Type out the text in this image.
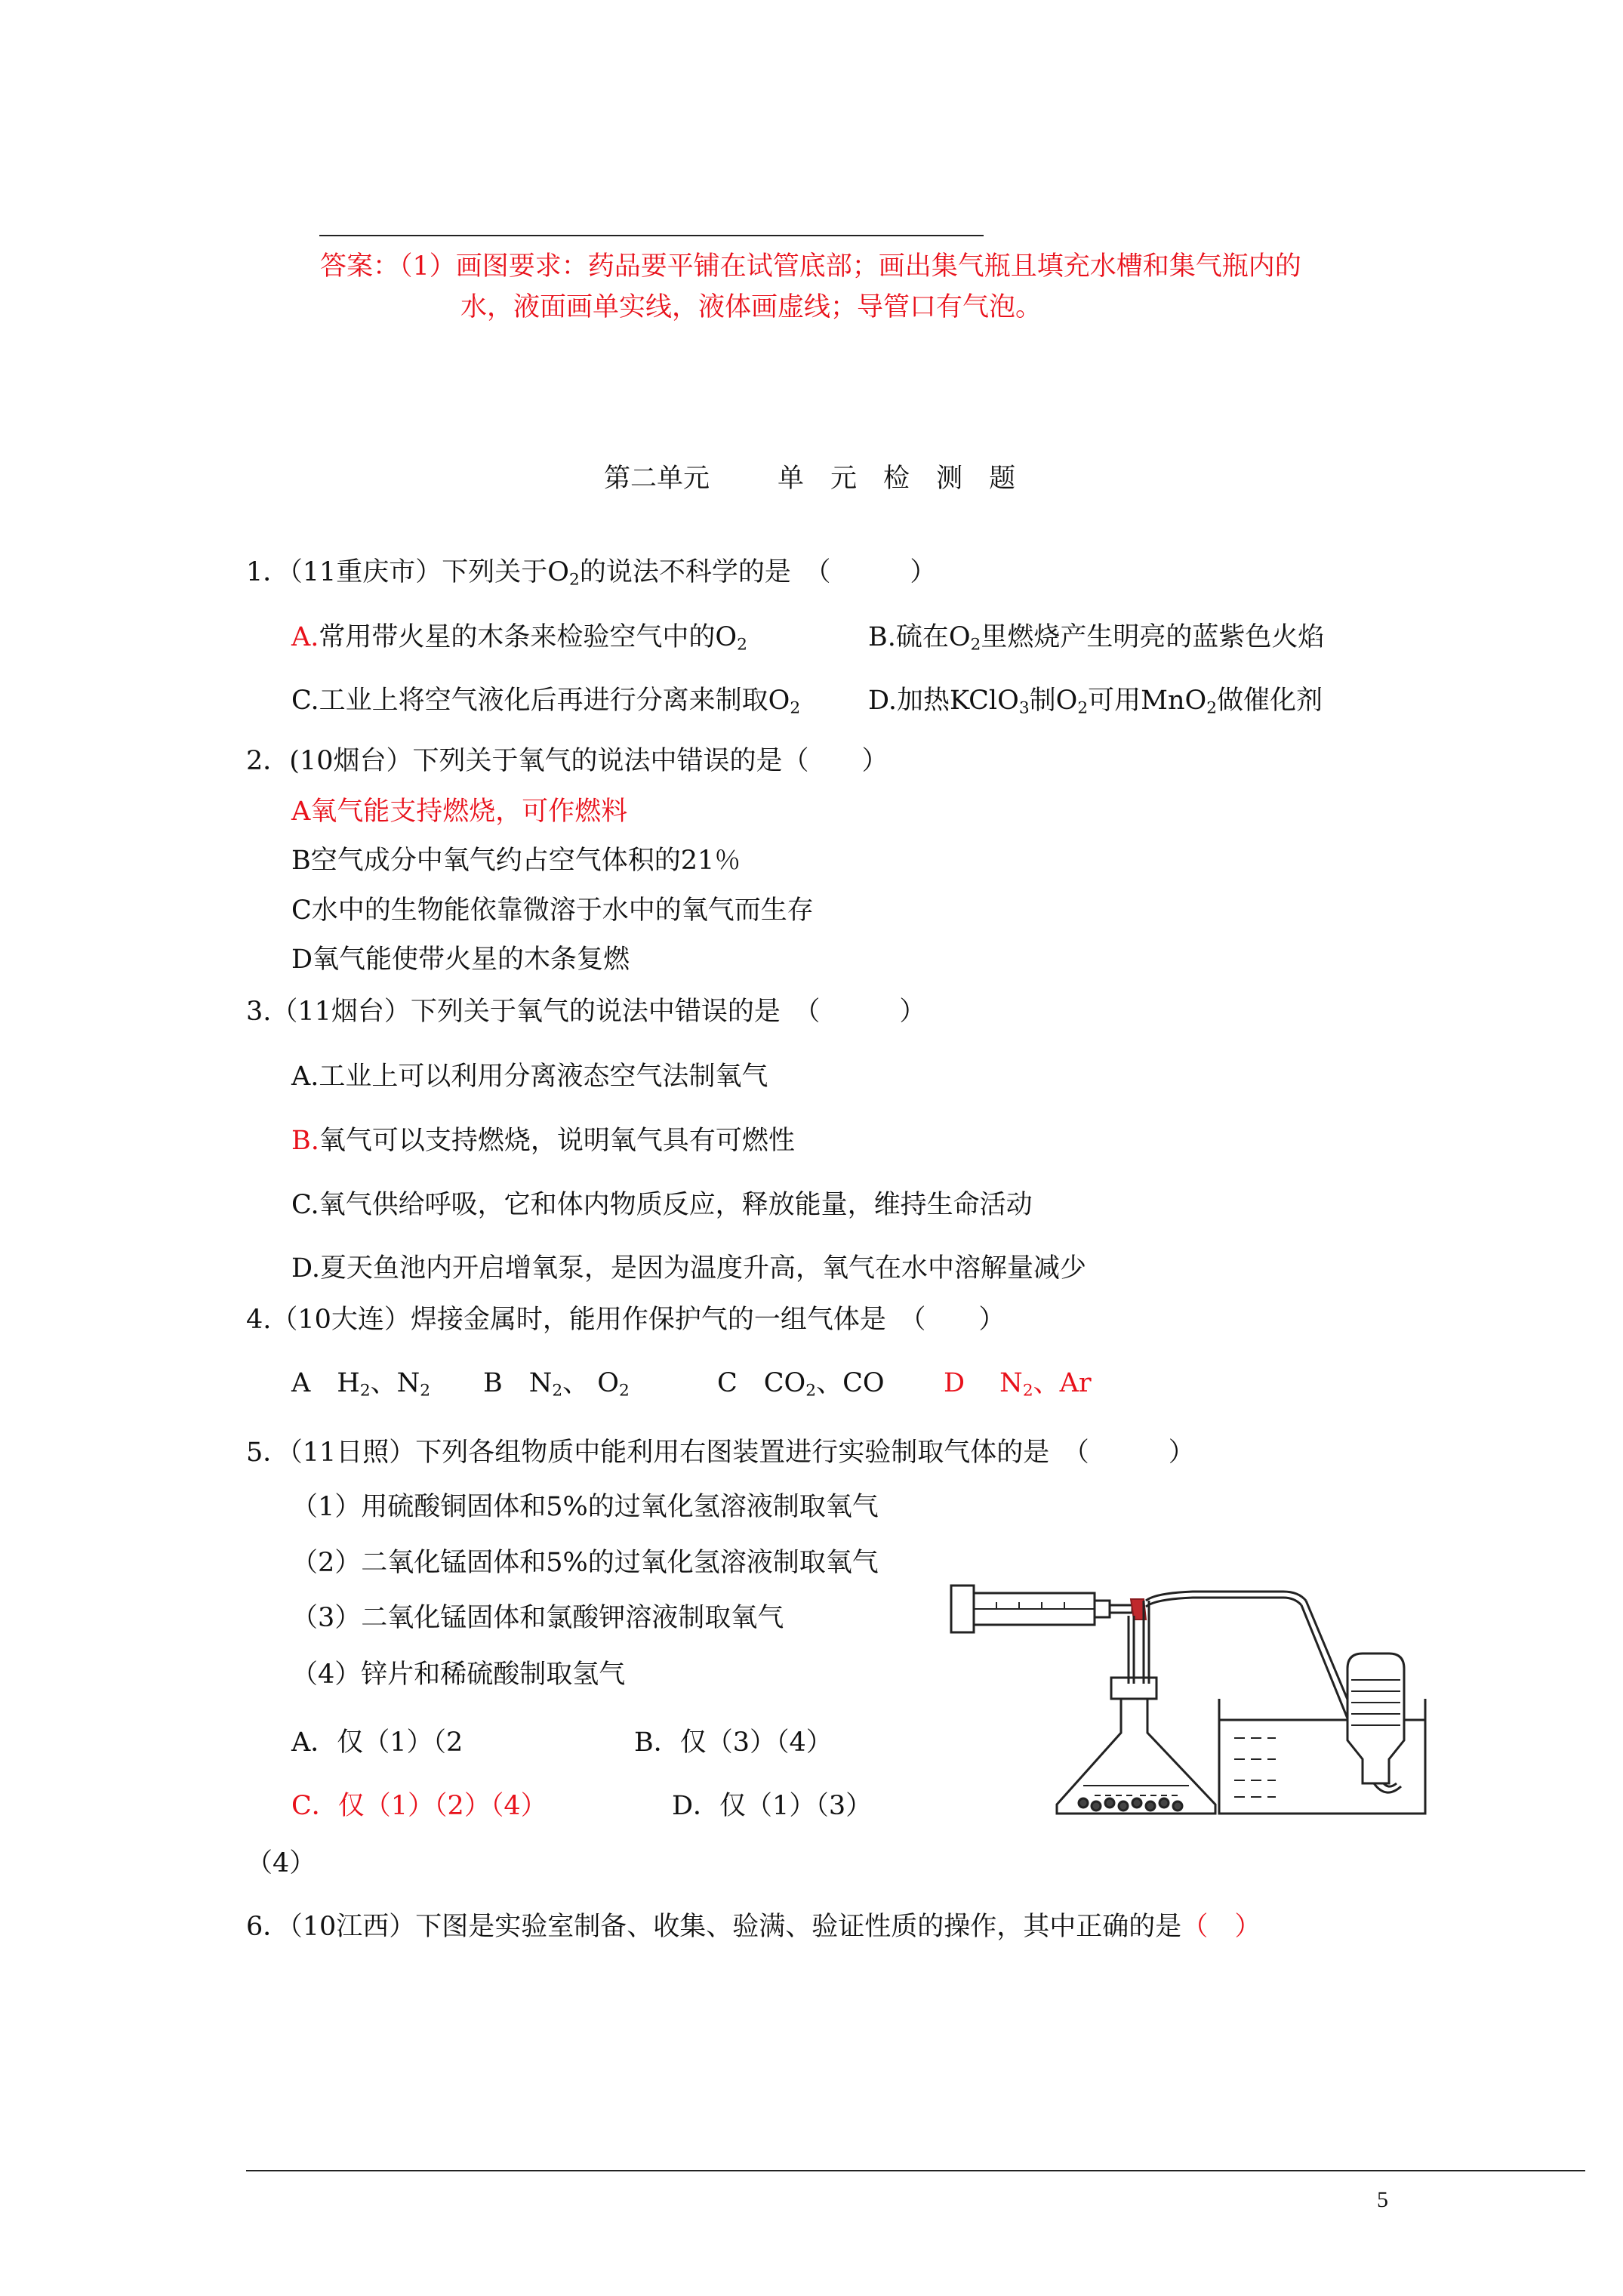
答案：（1）画图要求：药品要平铺在试管底部；画出集气瓶且填充水槽和集气瓶内的
水，液面画单实线，液体画虚线；导管口有气泡。
第二单元	单 元 检 测 题
1．（11重庆市）下列关于$O_2$的说法不科学的是　（　　　）
A.常用带火星的木条来检验空气中的$O_2$	B.硫在$O_2$里燃烧产生明亮的蓝紫色火焰
C.工业上将空气液化后再进行分离来制取$O_2$	D.加热KClO$_3$制$O_2$可用MnO$_2$做催化剂
2．(10烟台）下列关于氧气的说法中错误的是（　　）
A氧气能支持燃烧，可作燃料
B空气成分中氧气约占空气体积的21％
C水中的生物能依靠微溶于水中的氧气而生存
D氧气能使带火星的木条复燃
3.（11烟台）下列关于氧气的说法中错误的是　（　　　）
A.工业上可以利用分离液态空气法制氧气
B.氧气可以支持燃烧，说明氧气具有可燃性
C.氧气供给呼吸，它和体内物质反应，释放能量，维持生命活动
D.夏天鱼池内开启增氧泵，是因为温度升高，氧气在水中溶解量减少
4.（10大连）焊接金属时，能用作保护气的一组气体是　（　　）
A　$H_2$、$N_2$ B　$N_2$、 $O_2$	C　$CO_2$、CO D　 $N_2$、Ar
5．（11日照）下列各组物质中能利用右图装置进行实验制取气体的是　（　　　）
（1）用硫酸铜固体和5%的过氧化氢溶液制取氧气
（2）二氧化锰固体和5%的过氧化氢溶液制取氧气
（3）二氧化锰固体和氯酸钾溶液制取氧气
（4）锌片和稀硫酸制取氢气
A．仅（1）（2	B．仅（3）（4）
C．仅（1）（2）（4）	D．仅（1）（3）
（4）
6．（10江西）下图是实验室制备、收集、验满、验证性质的操作，其中正确的是（　）
5
